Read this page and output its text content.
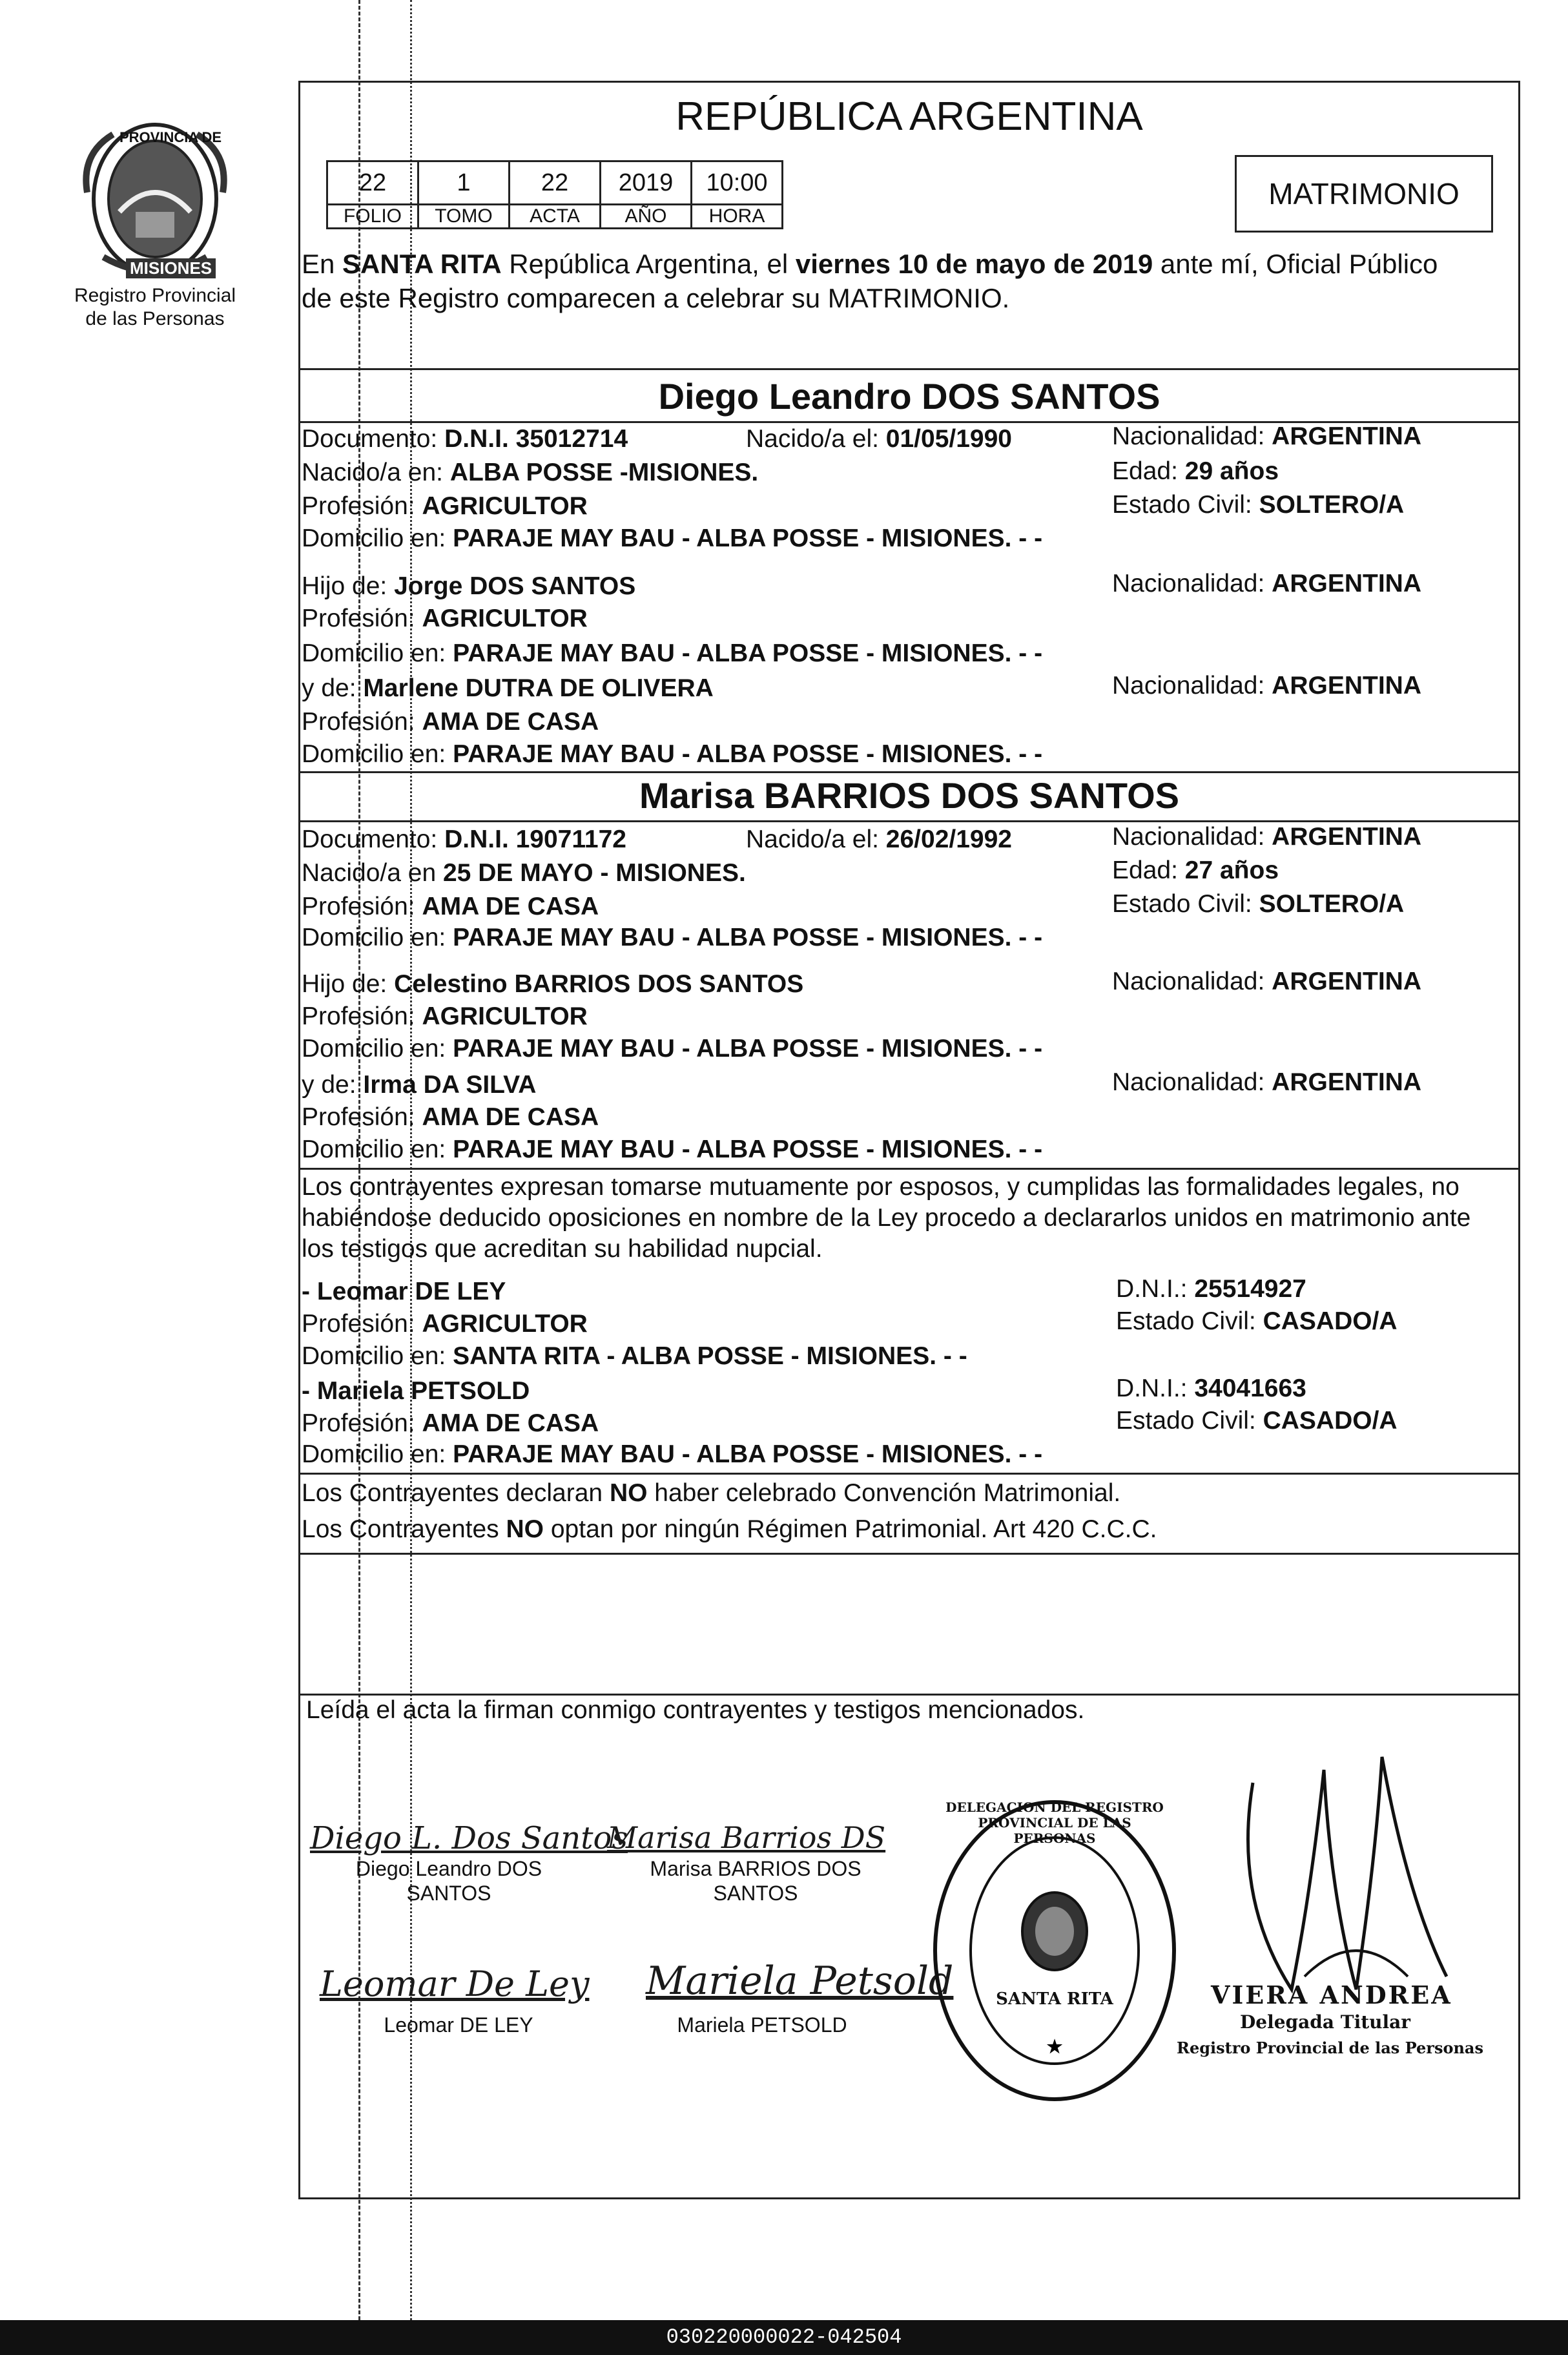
PROVINCIA DE
MISIONES
Registro Provincial de las Personas
REPÚBLICA ARGENTINA
22	1	22	2019	10:00
FOLIO	TOMO	ACTA	AÑO	HORA
MATRIMONIO
En SANTA RITA República Argentina, el viernes 10 de mayo de 2019 ante mí, Oficial Público
de este Registro comparecen a celebrar su MATRIMONIO.
Diego Leandro DOS SANTOS
Documento: D.N.I. 35012714	Nacido/a el: 01/05/1990	Nacionalidad: ARGENTINA
Nacido/a en: ALBA POSSE -MISIONES.	Edad: 29 años
Profesión: AGRICULTOR	Estado Civil: SOLTERO/A
Domicilio en: PARAJE MAY BAU - ALBA POSSE - MISIONES. - -
Hijo de: Jorge DOS SANTOS	Nacionalidad: ARGENTINA
Profesión: AGRICULTOR
Domicilio en: PARAJE MAY BAU - ALBA POSSE - MISIONES. - -
y de: Marlene DUTRA DE OLIVERA	Nacionalidad: ARGENTINA
Profesión: AMA DE CASA
Domicilio en: PARAJE MAY BAU - ALBA POSSE - MISIONES. - -
Marisa BARRIOS DOS SANTOS
Documento: D.N.I. 19071172	Nacido/a el: 26/02/1992	Nacionalidad: ARGENTINA
Nacido/a en 25 DE MAYO - MISIONES.	Edad: 27 años
Profesión: AMA DE CASA	Estado Civil: SOLTERO/A
Domicilio en: PARAJE MAY BAU - ALBA POSSE - MISIONES. - -
Hijo de: Celestino BARRIOS DOS SANTOS	Nacionalidad: ARGENTINA
Profesión: AGRICULTOR
Domicilio en: PARAJE MAY BAU - ALBA POSSE - MISIONES. - -
y de: Irma DA SILVA	Nacionalidad: ARGENTINA
Profesión: AMA DE CASA
Domicilio en: PARAJE MAY BAU - ALBA POSSE - MISIONES. - -
Los contrayentes expresan tomarse mutuamente por esposos, y cumplidas las formalidades legales, no
habiéndose deducido oposiciones en nombre de la Ley procedo a declararlos unidos en matrimonio ante
los testigos que acreditan su habilidad nupcial.
- Leomar DE LEY	D.N.I.: 25514927
Profesión: AGRICULTOR	Estado Civil: CASADO/A
Domicilio en: SANTA RITA - ALBA POSSE - MISIONES. - -
- Mariela PETSOLD	D.N.I.: 34041663
Profesión: AMA DE CASA	Estado Civil: CASADO/A
Domicilio en: PARAJE MAY BAU - ALBA POSSE - MISIONES. - -
Los Contrayentes declaran NO haber celebrado Convención Matrimonial.
Los Contrayentes NO optan por ningún Régimen Patrimonial. Art 420 C.C.C.
Leída el acta la firman conmigo contrayentes y testigos mencionados.
Diego L. Dos Santos
Diego Leandro DOS
SANTOS
Marisa Barrios DS
Marisa BARRIOS DOS
SANTOS
Leomar De Ley
Leomar DE LEY
Mariela Petsold
Mariela PETSOLD
★
DELEGACION DEL REGISTRO PROVINCIAL DE LAS PERSONAS
SANTA RITA	VIERA ANDREA
Delegada Titular
Registro Provincial de las Personas
030220000022-042504
